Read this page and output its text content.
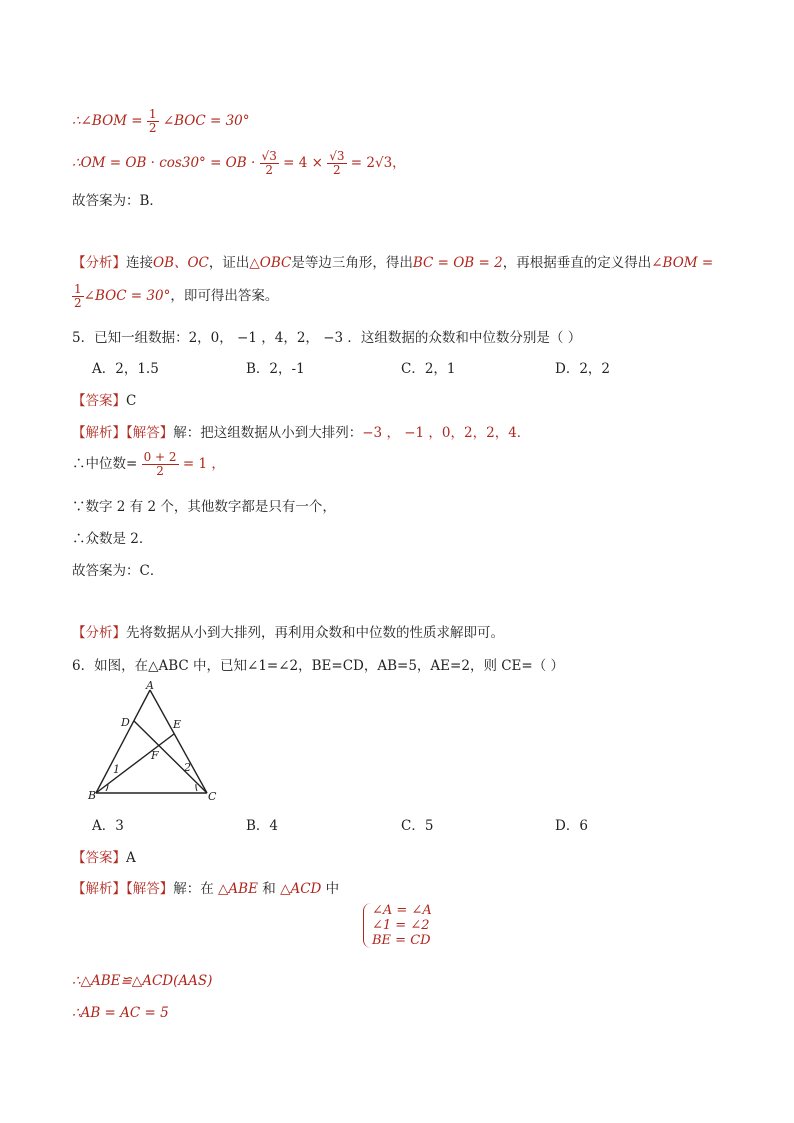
∴∠BOM = $\frac{1}{2}$ ∠BOC = 30°
∴OM = OB · cos30° = OB · $\frac{√3}{2} = 4 \times \frac{√3}{2} = 2√3$，
故答案为：B．
【分析】连接OB、OC，证出△OBC是等边三角形，得出BC = OB = 2，再根据垂直的定义得出∠BOM =
$\frac{1}{2}$ ∠BOC = 30°，即可得出答案。
5．已知一组数据：2，0， −1 ，4，2， −3 ．这组数据的众数和中位数分别是（ ）
A．2，1.5	B．2，-1	C．2，1	D．2，2
【答案】C
【解析】【解答】解：把这组数据从小到大排列：−3 ， −1 ，0，2，2，4．
∴中位数= $\frac{0 + 2}{2} = 1$ ，
∵数字 2 有 2 个，其他数字都是只有一个，
∴众数是 2．
故答案为：C．
【分析】先将数据从小到大排列，再利用众数和中位数的性质求解即可。
6．如图，在△ABC 中，已知∠1=∠2，BE=CD，AB=5，AE=2，则 CE=（ ）
A
D	E
F
1	2
B	C
A．3	B．4	C．5	D．6
【答案】A
【解析】【解答】解：在 △ABE 和 △ACD 中
∠A = ∠A
∠1 = ∠2
BE = CD
∴△ABE≌△ACD(AAS)
∴AB = AC = 5
